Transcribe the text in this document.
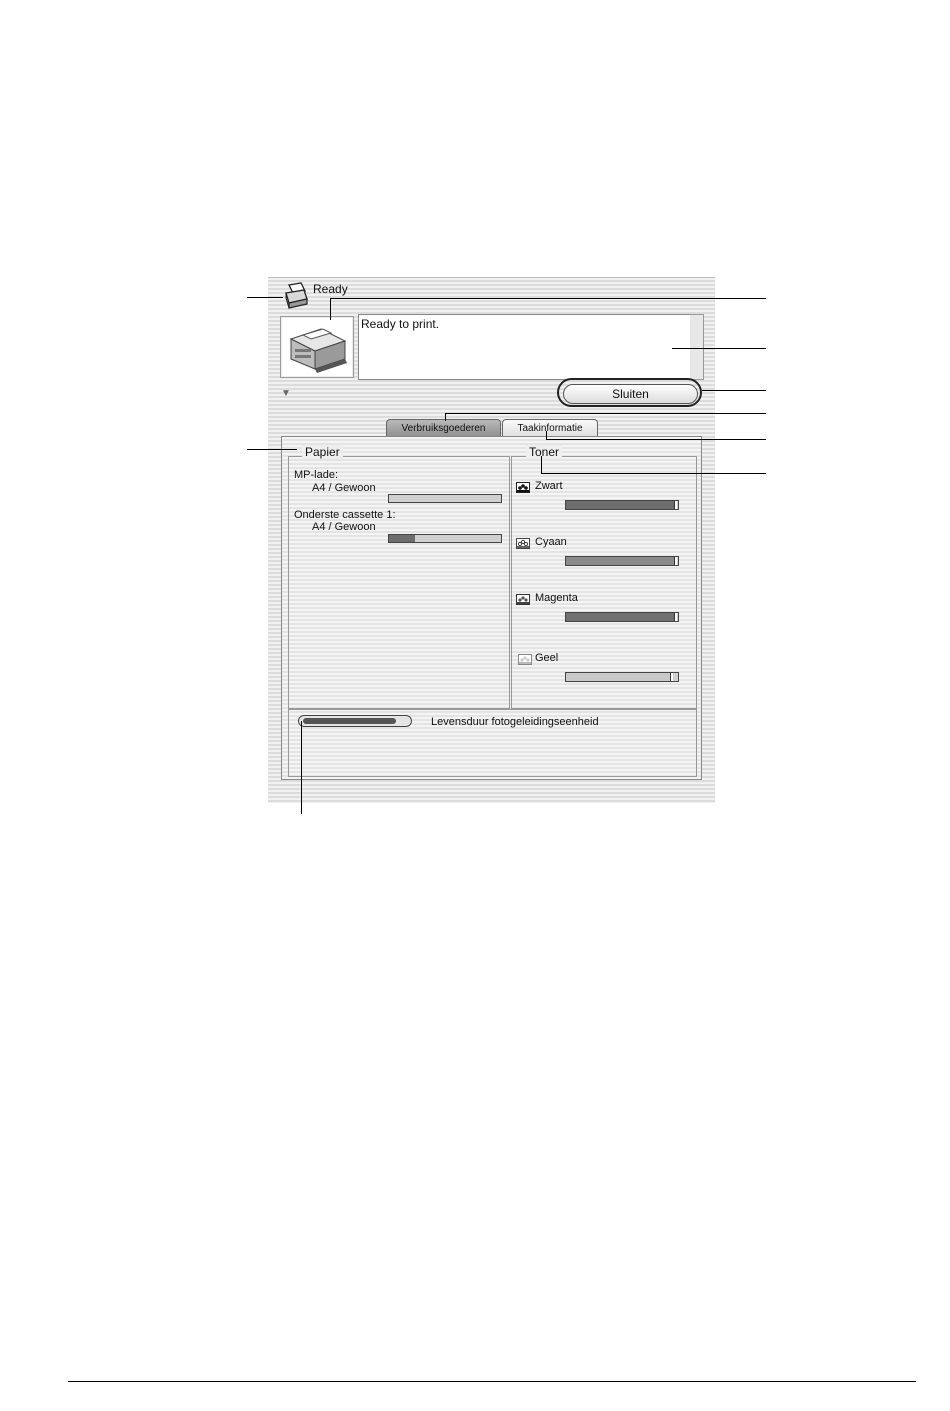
Ready
Ready to print.
▼	Sluiten
Verbruiksgoederen	Taakinformatie
Papier
MP-lade:
A4 / Gewoon
Onderste cassette 1:
A4 / Gewoon
Toner
Zwart
Cyaan
Magenta
Geel
Levensduur fotogeleidingseenheid
